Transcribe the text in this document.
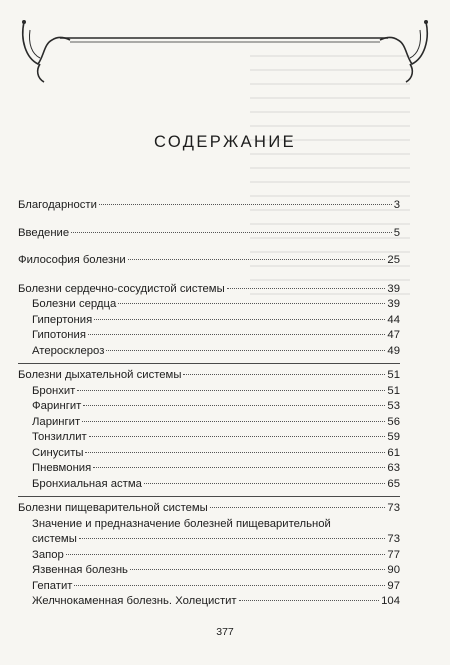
СОДЕРЖАНИЕ
Благодарности	3
Введение	5
Философия болезни	25
Болезни сердечно-сосудистой системы	39
Болезни сердца	39
Гипертония	44
Гипотония	47
Атеросклероз	49
Болезни дыхательной системы	51
Бронхит	51
Фарингит	53
Ларингит	56
Тонзиллит	59
Синуситы	61
Пневмония	63
Бронхиальная астма	65
Болезни пищеварительной системы	73
Значение и предназначение болезней пищеварительной
системы	73
Запор	77
Язвенная болезнь	90
Гепатит	97
Желчнокаменная болезнь. Холецистит	104
377
